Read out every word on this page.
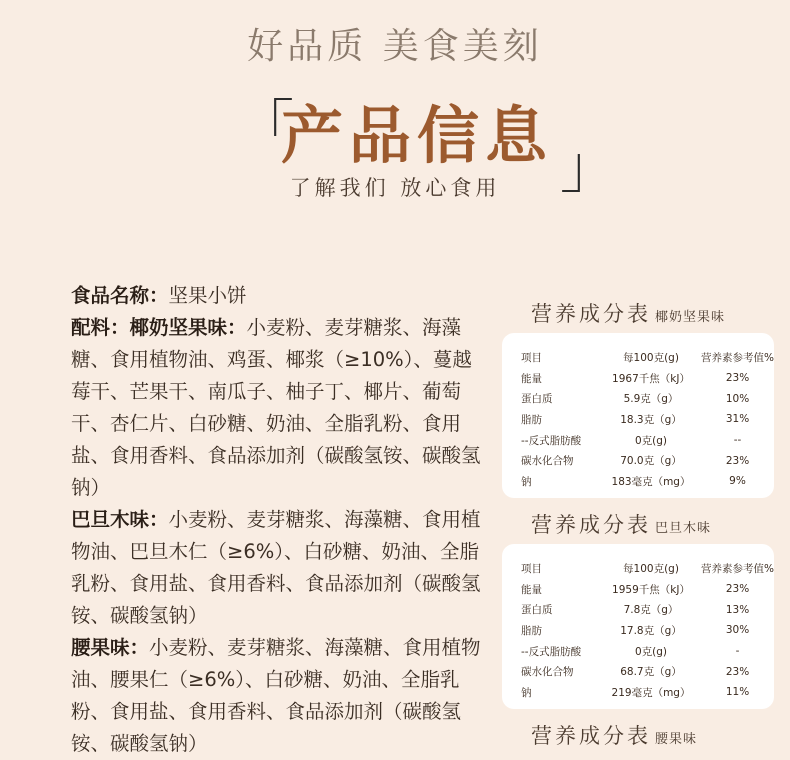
好品质 美食美刻
「
产品信息 」
了解我们 放心食用

食品名称：坚果小饼

配料：椰奶坚果味：小麦粉、麦芽糖浆、海藻糖、食用植物油、鸡蛋、椰浆（≥10%）、蔓越莓干、芒果干、南瓜子、柚子丁、椰片、葡萄干、杏仁片、白砂糖、奶油、全脂乳粉、食用盐、食用香料、食品添加剂（碳酸氢铵、碳酸氢钠）

巴旦木味：小麦粉、麦芽糖浆、海藻糖、食用植物油、巴旦木仁（≥6%）、白砂糖、奶油、全脂乳粉、食用盐、食用香料、食品添加剂（碳酸氢铵、碳酸氢钠）

腰果味：小麦粉、麦芽糖浆、海藻糖、食用植物油、腰果仁（≥6%）、白砂糖、奶油、全脂乳粉、食用盐、食用香料、食品添加剂（碳酸氢铵、碳酸氢钠）

营养成分表 椰奶坚果味
项目	每100克(g)	营养素参考值%
能量	1967千焦（kJ）	23%
蛋白质	5.9克（g）	10%
脂肪	18.3克（g）	31%
--反式脂肪酸	0克(g)	--
碳水化合物	70.0克（g）	23%
钠	183毫克（mg）	9%
营养成分表 巴旦木味
项目	每100克(g)	营养素参考值%
能量	1959千焦（kJ）	23%
蛋白质	7.8克（g）	13%
脂肪	17.8克（g）	30%
--反式脂肪酸	0克(g)	-
碳水化合物	68.7克（g）	23%
钠	219毫克（mg）	11%
营养成分表 腰果味
